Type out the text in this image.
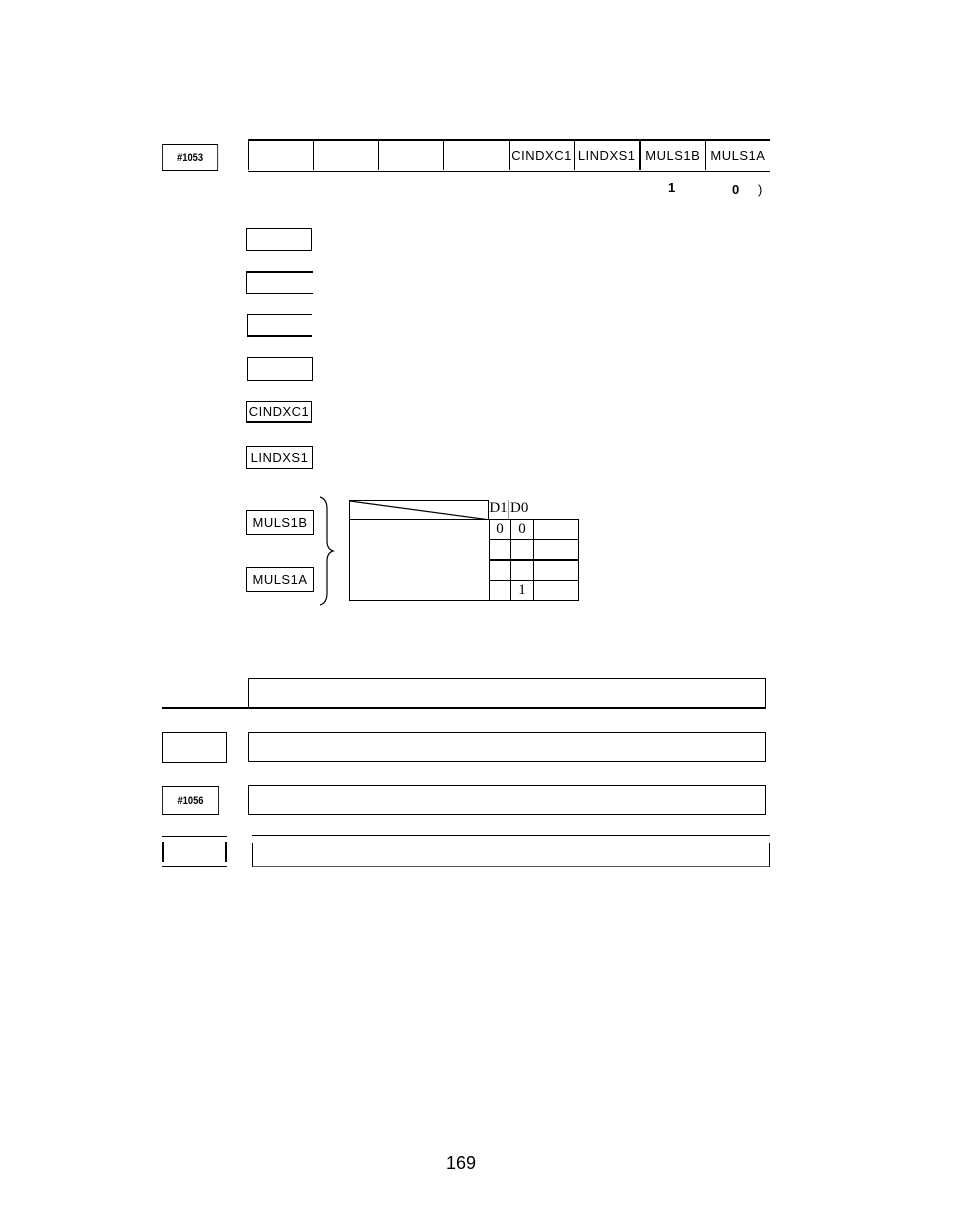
#1053	CINDXC1 LINDXS1 MULS1B MULS1A
1	0 )
CINDXC1
LINDXS1
MULS1B
MULS1A
D1 D0
0	0	

	1	
#1056
169
